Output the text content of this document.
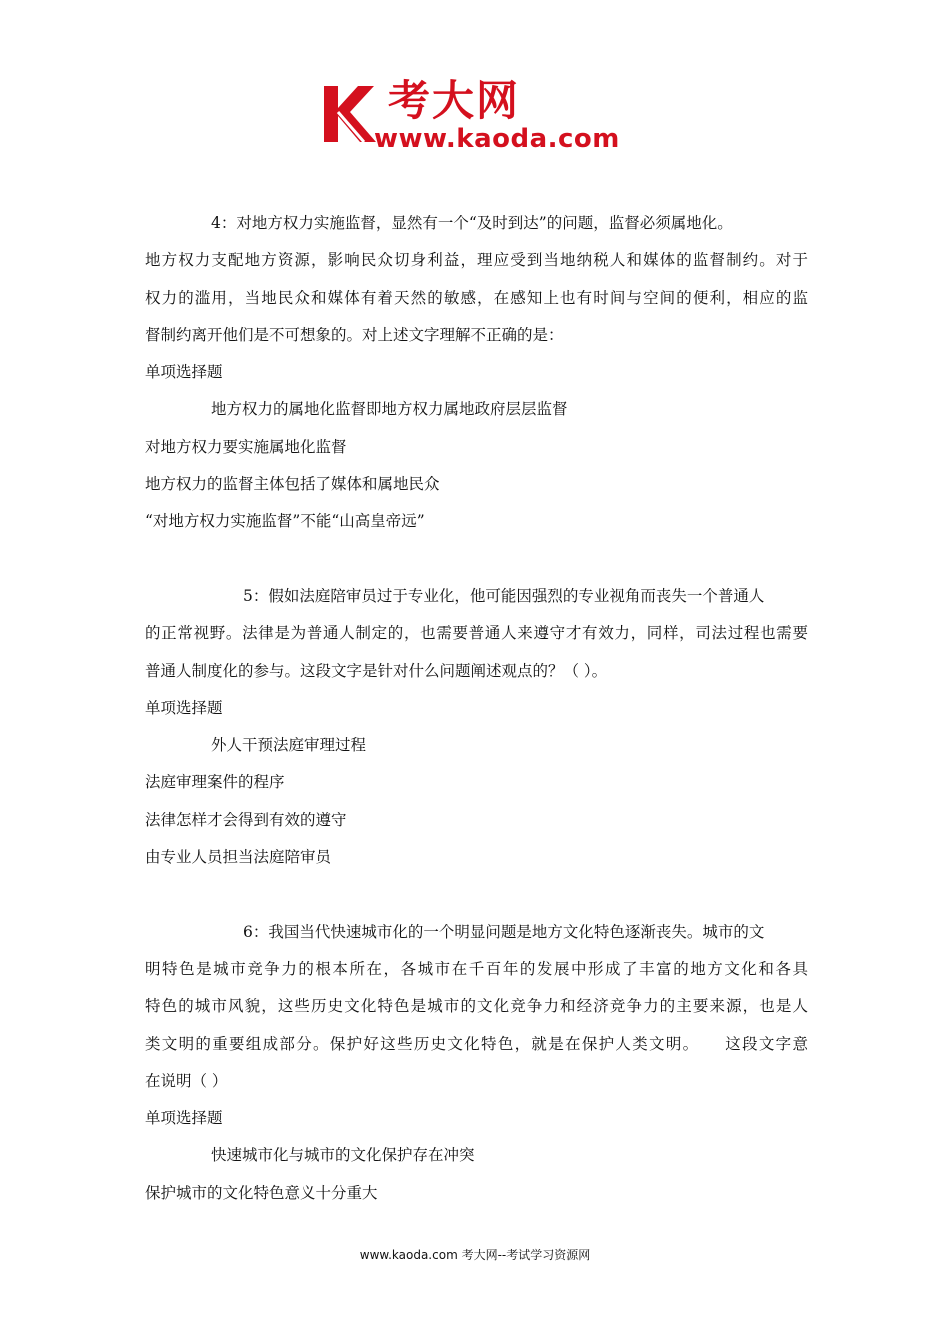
考大网
www.kaoda.com
4：对地方权力实施监督，显然有一个“及时到达”的问题，监督必须属地化。
地方权力支配地方资源，影响民众切身利益，理应受到当地纳税人和媒体的监督制约。对于
权力的滥用，当地民众和媒体有着天然的敏感，在感知上也有时间与空间的便利，相应的监
督制约离开他们是不可想象的。对上述文字理解不正确的是：
单项选择题
地方权力的属地化监督即地方权力属地政府层层监督
对地方权力要实施属地化监督
地方权力的监督主体包括了媒体和属地民众
“对地方权力实施监督”不能“山高皇帝远”
5：假如法庭陪审员过于专业化，他可能因强烈的专业视角而丧失一个普通人
的正常视野。法律是为普通人制定的，也需要普通人来遵守才有效力，同样，司法过程也需要
普通人制度化的参与。这段文字是针对什么问题阐述观点的？（ ）。
单项选择题
外人干预法庭审理过程
法庭审理案件的程序
法律怎样才会得到有效的遵守
由专业人员担当法庭陪审员
6：我国当代快速城市化的一个明显问题是地方文化特色逐渐丧失。城市的文
明特色是城市竞争力的根本所在，各城市在千百年的发展中形成了丰富的地方文化和各具
特色的城市风貌，这些历史文化特色是城市的文化竞争力和经济竞争力的主要来源，也是人
类文明的重要组成部分。保护好这些历史文化特色，就是在保护人类文明。　　这段文字意
在说明（ ）
单项选择题
快速城市化与城市的文化保护存在冲突
保护城市的文化特色意义十分重大
www.kaoda.com 考大网--考试学习资源网
